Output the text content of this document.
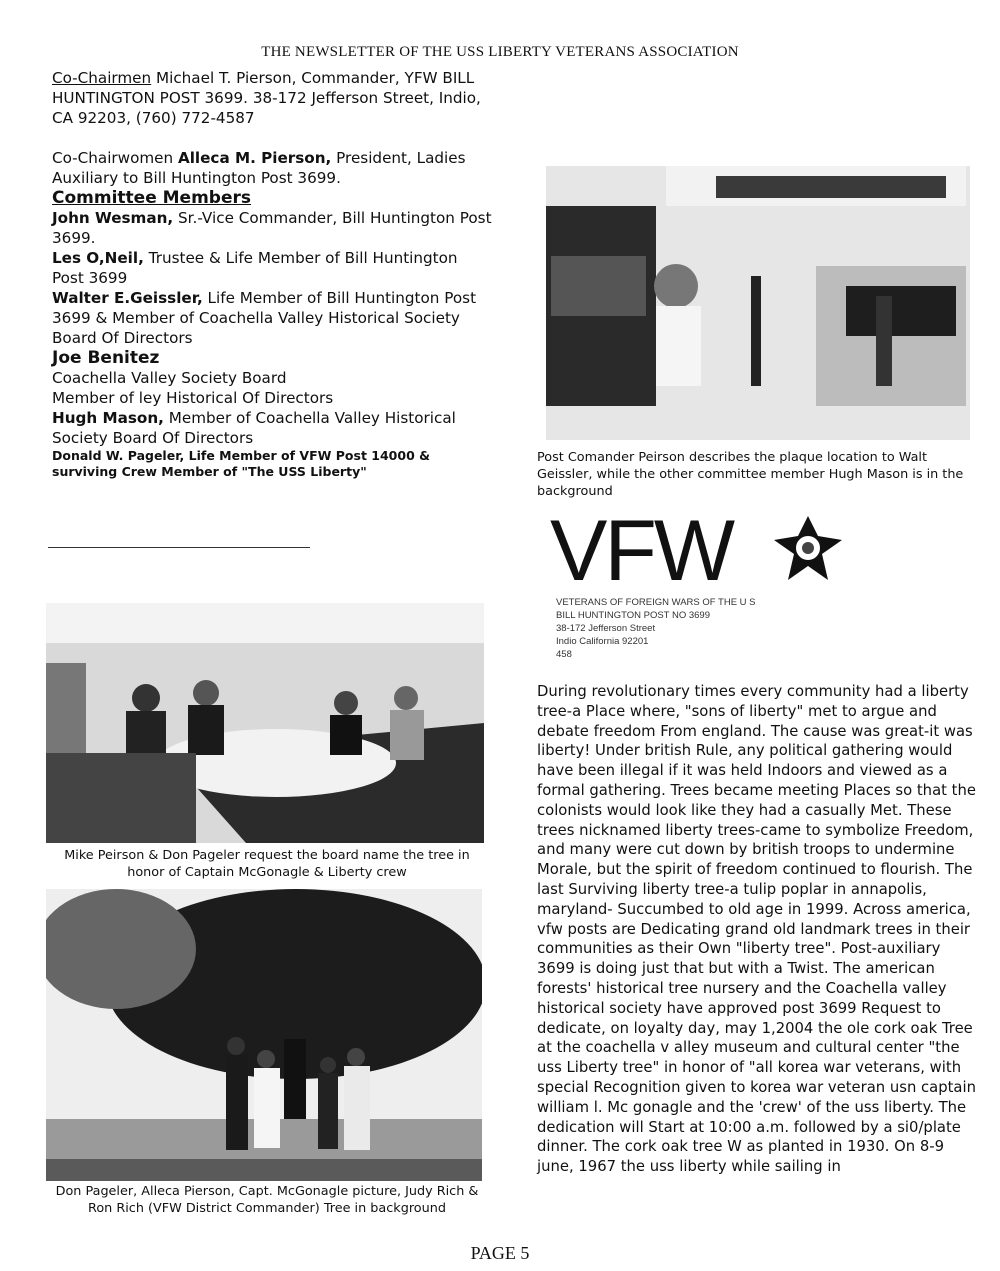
THE NEWSLETTER OF THE USS LIBERTY VETERANS ASSOCIATION

Co-Chairmen Michael T. Pierson, Commander, YFW BILL HUNTINGTON POST 3699. 38-172 Jefferson Street, Indio, CA 92203, (760) 772-4587

Co-Chairwomen Alleca M. Pierson, President, Ladies Auxiliary to Bill Huntington Post 3699.

Committee Members

John Wesman, Sr.-Vice Commander, Bill Huntington Post 3699.

Les O,Neil, Trustee & Life Member of Bill Huntington Post 3699

Walter E.Geissler, Life Member of Bill Huntington Post 3699 & Member of Coachella Valley Historical Society Board Of Directors

Joe Benitez

Coachella Valley Society Board

Member of ley Historical Of Directors

Hugh Mason, Member of Coachella Valley Historical Society Board Of Directors

Donald W. Pageler, Life Member of VFW Post 14000 & surviving Crew Member of "The USS Liberty"

Post Comander Peirson describes the plaque location to Walt Geissler, while the other committee member Hugh Mason is in the background
VFW
VETERANS OF FOREIGN WARS OF THE U S
BILL HUNTINGTON POST NO 3699
38-172 Jefferson Street
Indio California 92201
458
Mike Peirson & Don Pageler request the board name the tree in honor of Captain McGonagle & Liberty crew
Don Pageler, Alleca Pierson, Capt. McGonagle picture, Judy Rich & Ron Rich (VFW District Commander) Tree in background

During revolutionary times every community had a liberty tree-a Place where, "sons of liberty" met to argue and debate freedom From england. The cause was great-it was liberty! Under british Rule, any political gathering would have been illegal if it was held Indoors and viewed as a formal gathering. Trees became meeting Places so that the colonists would look like they had a casually Met. These trees nicknamed liberty trees-came to symbolize Freedom, and many were cut down by british troops to undermine Morale, but the spirit of freedom continued to flourish. The last Surviving liberty tree-a tulip poplar in annapolis, maryland- Succumbed to old age in 1999. Across america, vfw posts are Dedicating grand old landmark trees in their communities as their Own "liberty tree". Post-auxiliary 3699 is doing just that but with a Twist. The american forests' historical tree nursery and the Coachella valley historical society have approved post 3699 Request to dedicate, on loyalty day, may 1,2004 the ole cork oak Tree at the coachella v alley museum and cultural center "the uss Liberty tree" in honor of "all korea war veterans, with special Recognition given to korea war veteran usn captain william l. Mc gonagle and the 'crew' of the uss liberty. The dedication will Start at 10:00 a.m. followed by a si0/plate dinner. The cork oak tree W as planted in 1930. On 8-9 june, 1967 the uss liberty while sailing in

PAGE 5
